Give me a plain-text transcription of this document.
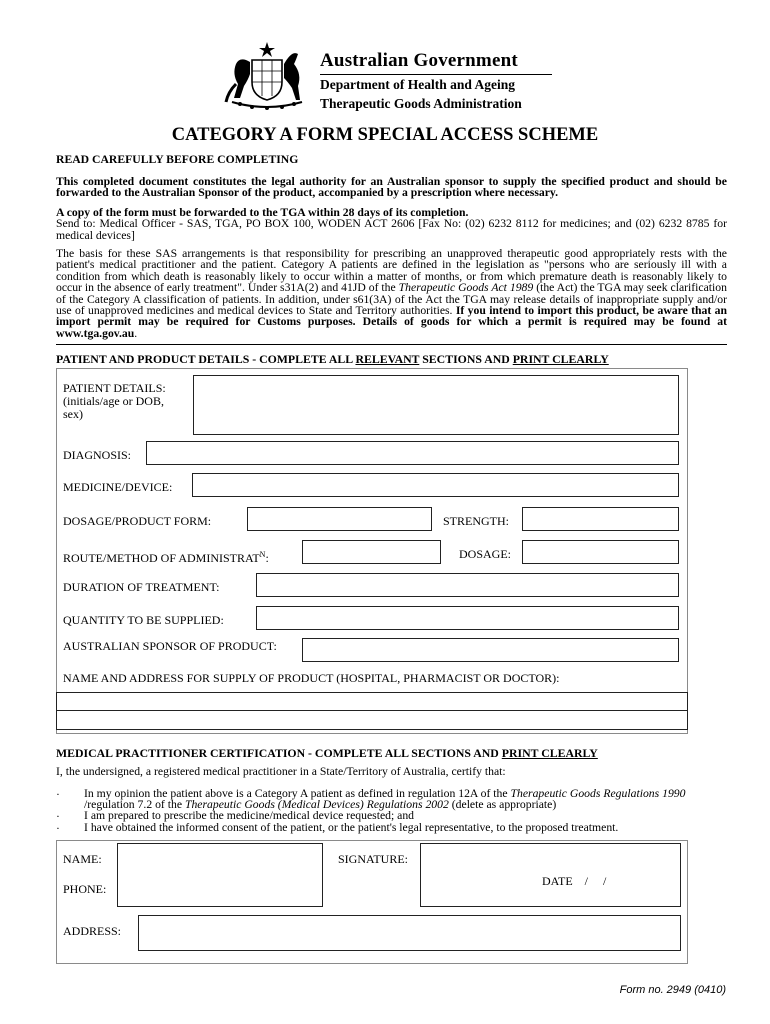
Australian Government
Department of Health and Ageing
Therapeutic Goods Administration
CATEGORY A FORM SPECIAL ACCESS SCHEME
READ CAREFULLY BEFORE COMPLETING
This completed document constitutes the legal authority for an Australian sponsor to supply the specified product and should be forwarded to the Australian Sponsor of the product, accompanied by a prescription where necessary.
A copy of the form must be forwarded to the TGA within 28 days of its completion.
Send to: Medical Officer - SAS, TGA, PO BOX 100, WODEN ACT 2606 [Fax No: (02) 6232 8112 for medicines; and (02) 6232 8785 for medical devices]
The basis for these SAS arrangements is that responsibility for prescribing an unapproved therapeutic good appropriately rests with the patient's medical practitioner and the patient. Category A patients are defined in the legislation as "persons who are seriously ill with a condition from which death is reasonably likely to occur within a matter of months, or from which premature death is reasonably likely to occur in the absence of early treatment". Under s31A(2) and 41JD of the Therapeutic Goods Act 1989 (the Act) the TGA may seek clarification of the Category A classification of patients. In addition, under s61(3A) of the Act the TGA may release details of inappropriate supply and/or use of unapproved medicines and medical devices to State and Territory authorities. If you intend to import this product, be aware that an import permit may be required for Customs purposes. Details of goods for which a permit is required may be found at www.tga.gov.au.
PATIENT AND PRODUCT DETAILS - COMPLETE ALL RELEVANT SECTIONS AND PRINT CLEARLY
PATIENT DETAILS:
(initials/age or DOB, sex)
DIAGNOSIS:
MEDICINE/DEVICE:
DOSAGE/PRODUCT FORM:	STRENGTH:
ROUTE/METHOD OF $ADMINISTRAT^N$:	DOSAGE:
DURATION OF TREATMENT:
QUANTITY TO BE SUPPLIED:
AUSTRALIAN SPONSOR OF PRODUCT:
NAME AND ADDRESS FOR SUPPLY OF PRODUCT (HOSPITAL, PHARMACIST OR DOCTOR):
MEDICAL PRACTITIONER CERTIFICATION - COMPLETE ALL SECTIONS AND PRINT CLEARLY
I, the undersigned, a registered medical practitioner in a State/Territory of Australia, certify that:
· In my opinion the patient above is a Category A patient as defined in regulation 12A of the Therapeutic Goods Regulations 1990 /regulation 7.2 of the Therapeutic Goods (Medical Devices) Regulations 2002 (delete as appropriate)
· I am prepared to prescribe the medicine/medical device requested; and
· I have obtained the informed consent of the patient, or the patient's legal representative, to the proposed treatment.
NAME:	SIGNATURE:
DATE    /     /
PHONE:
ADDRESS:
Form no. 2949 (0410)
